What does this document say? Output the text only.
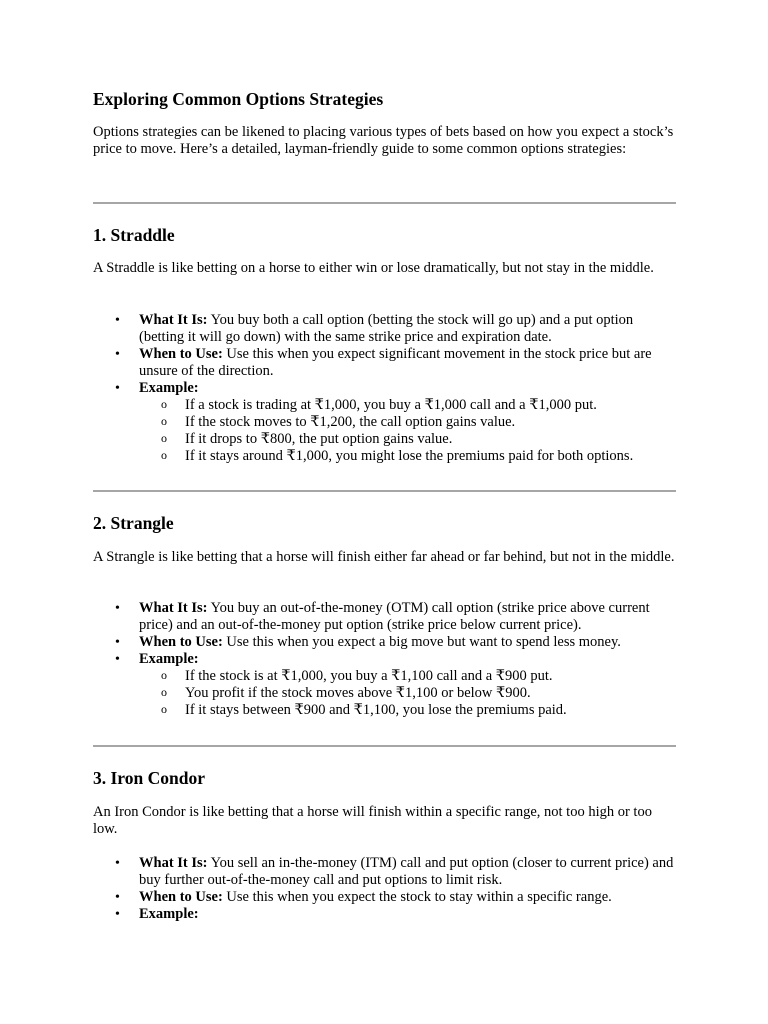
Exploring Common Options Strategies

Options strategies can be likened to placing various types of bets based on how you expect a stock’s price to move. Here’s a detailed, layman-friendly guide to some common options strategies:

1. Straddle

A Straddle is like betting on a horse to either win or lose dramatically, but not stay in the middle.

• What It Is: You buy both a call option (betting the stock will go up) and a put option (betting it will go down) with the same strike price and expiration date.
• When to Use: Use this when you expect significant movement in the stock price but are unsure of the direction.
• Example:
o If a stock is trading at ₹1,000, you buy a ₹1,000 call and a ₹1,000 put.
o If the stock moves to ₹1,200, the call option gains value.
o If it drops to ₹800, the put option gains value.
o If it stays around ₹1,000, you might lose the premiums paid for both options.
2. Strangle

A Strangle is like betting that a horse will finish either far ahead or far behind, but not in the middle.

• What It Is: You buy an out-of-the-money (OTM) call option (strike price above current price) and an out-of-the-money put option (strike price below current price).
• When to Use: Use this when you expect a big move but want to spend less money.
• Example:
o If the stock is at ₹1,000, you buy a ₹1,100 call and a ₹900 put.
o You profit if the stock moves above ₹1,100 or below ₹900.
o If it stays between ₹900 and ₹1,100, you lose the premiums paid.
3. Iron Condor

An Iron Condor is like betting that a horse will finish within a specific range, not too high or too low.

• What It Is: You sell an in-the-money (ITM) call and put option (closer to current price) and buy further out-of-the-money call and put options to limit risk.
• When to Use: Use this when you expect the stock to stay within a specific range.
• Example:
